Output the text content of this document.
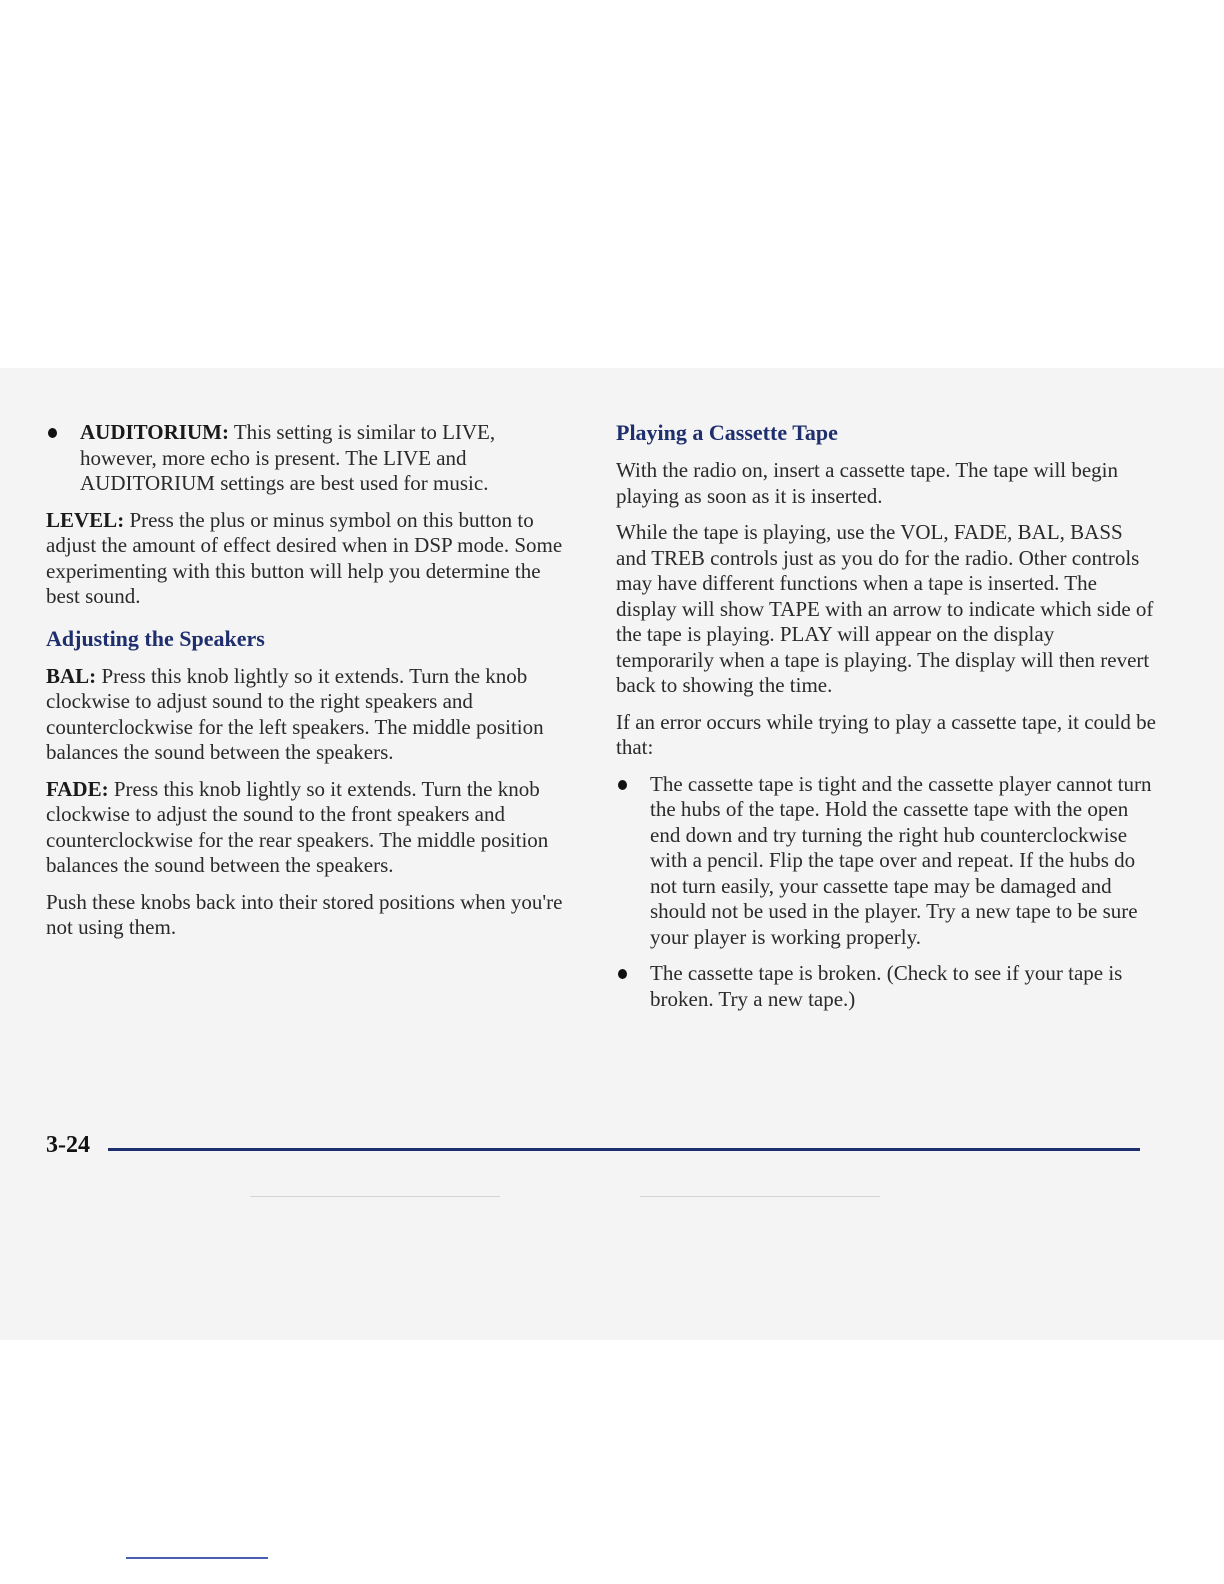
AUDITORIUM: This setting is similar to LIVE, however, more echo is present. The LIVE and AUDITORIUM settings are best used for music.

LEVEL: Press the plus or minus symbol on this button to adjust the amount of effect desired when in DSP mode. Some experimenting with this button will help you determine the best sound.

Adjusting the Speakers

BAL: Press this knob lightly so it extends. Turn the knob clockwise to adjust sound to the right speakers and counterclockwise for the left speakers. The middle position balances the sound between the speakers.

FADE: Press this knob lightly so it extends. Turn the knob clockwise to adjust the sound to the front speakers and counterclockwise for the rear speakers. The middle position balances the sound between the speakers.

Push these knobs back into their stored positions when you're not using them.

Playing a Cassette Tape

With the radio on, insert a cassette tape. The tape will begin playing as soon as it is inserted.

While the tape is playing, use the VOL, FADE, BAL, BASS and TREB controls just as you do for the radio. Other controls may have different functions when a tape is inserted. The display will show TAPE with an arrow to indicate which side of the tape is playing. PLAY will appear on the display temporarily when a tape is playing. The display will then revert back to showing the time.

If an error occurs while trying to play a cassette tape, it could be that:

The cassette tape is tight and the cassette player cannot turn the hubs of the tape. Hold the cassette tape with the open end down and try turning the right hub counterclockwise with a pencil. Flip the tape over and repeat. If the hubs do not turn easily, your cassette tape may be damaged and should not be used in the player. Try a new tape to be sure your player is working properly.
The cassette tape is broken. (Check to see if your tape is broken. Try a new tape.)
3-24
